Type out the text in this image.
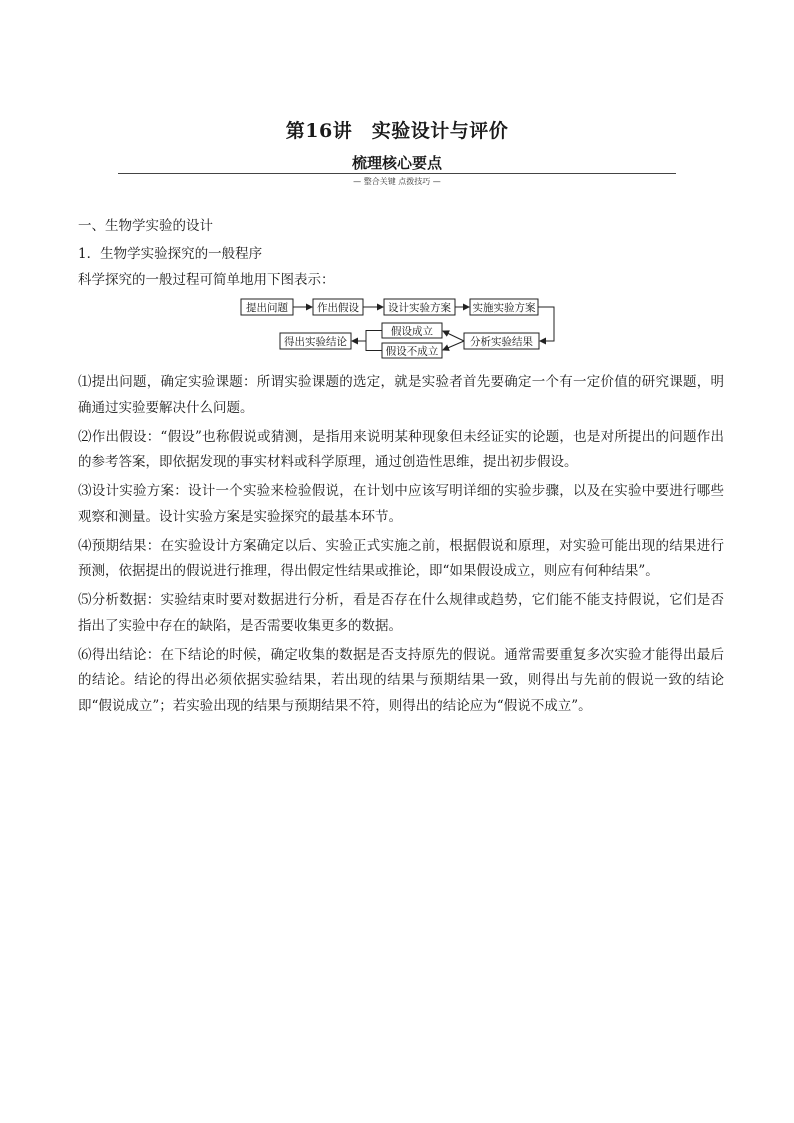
第16讲　实验设计与评价
梳理核心要点
— 整合关键 点拨技巧 —
一、生物学实验的设计
1．生物学实验探究的一般程序
科学探究的一般过程可简单地用下图表示：
提出问题	作出假设	设计实验方案 实施实验方案
得出实验结论
假设成立
假设不成立
分析实验结果

⑴提出问题，确定实验课题：所谓实验课题的选定，就是实验者首先要确定一个有一定价值的研究课题，明确通过实验要解决什么问题。

⑵作出假设：“假设”也称假说或猜测，是指用来说明某种现象但未经证实的论题，也是对所提出的问题作出的参考答案，即依据发现的事实材料或科学原理，通过创造性思维，提出初步假设。

⑶设计实验方案：设计一个实验来检验假说，在计划中应该写明详细的实验步骤，以及在实验中要进行哪些观察和测量。设计实验方案是实验探究的最基本环节。

⑷预期结果：在实验设计方案确定以后、实验正式实施之前，根据假说和原理，对实验可能出现的结果进行预测，依据提出的假说进行推理，得出假定性结果或推论，即“如果假设成立，则应有何种结果”。

⑸分析数据：实验结束时要对数据进行分析，看是否存在什么规律或趋势，它们能不能支持假说，它们是否指出了实验中存在的缺陷，是否需要收集更多的数据。

⑹得出结论：在下结论的时候，确定收集的数据是否支持原先的假说。通常需要重复多次实验才能得出最后的结论。结论的得出必须依据实验结果，若出现的结果与预期结果一致，则得出与先前的假说一致的结论即“假说成立”；若实验出现的结果与预期结果不符，则得出的结论应为“假说不成立”。
